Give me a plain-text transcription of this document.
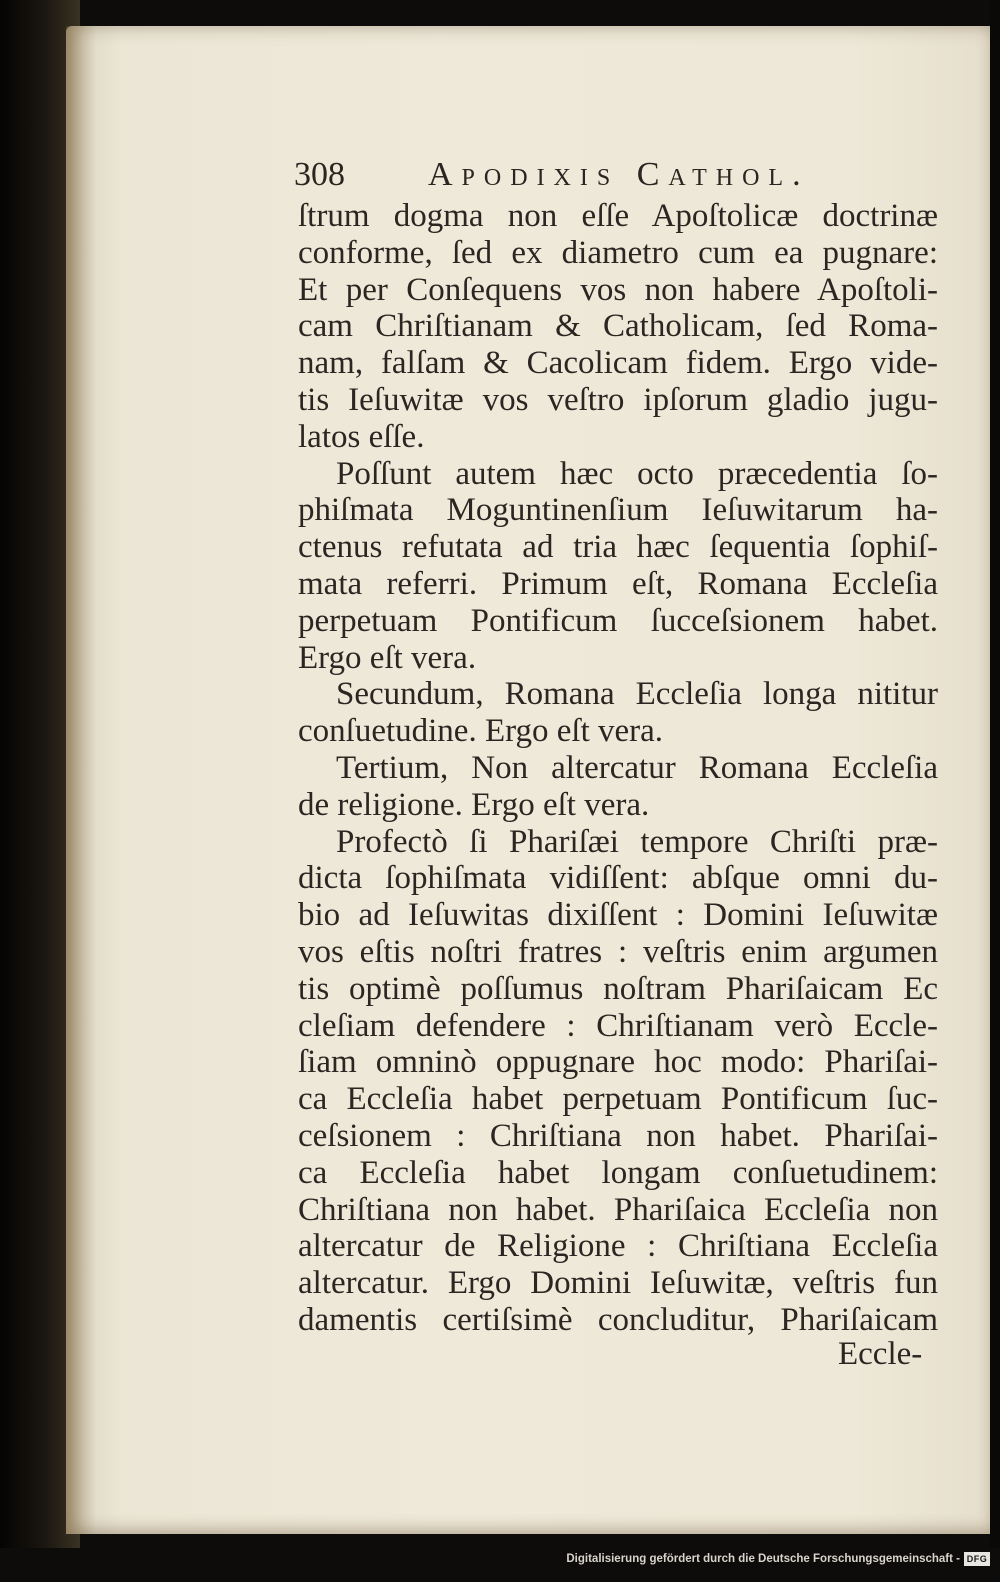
308 Apodixis Cathol.
ſtrum dogma non eſſe Apoſtolicæ doctrinæ
conforme, ſed ex diametro cum ea pugnare:
Et per Conſequens vos non habere Apoſtoli-
cam Chriſtianam & Catholicam, ſed Roma-
nam, falſam & Cacolicam fidem. Ergo vide-
tis Ieſuwitæ vos veſtro ipſorum gladio jugu-
latos eſſe.
Poſſunt autem hæc octo præcedentia ſo-
phiſmata Moguntinenſium Ieſuwitarum ha-
ctenus refutata ad tria hæc ſequentia ſophiſ-
mata referri. Primum eſt, Romana Eccleſia
perpetuam Pontificum ſucceſsionem habet.
Ergo eſt vera.
Secundum, Romana Eccleſia longa nititur
conſuetudine. Ergo eſt vera.
Tertium, Non altercatur Romana Eccleſia
de religione. Ergo eſt vera.
Profectò ſi Phariſæi tempore Chriſti præ-
dicta ſophiſmata vidiſſent: abſque omni du-
bio ad Ieſuwitas dixiſſent : Domini Ieſuwitæ
vos eſtis noſtri fratres : veſtris enim argumen
tis optimè poſſumus noſtram Phariſaicam Ec
cleſiam defendere : Chriſtianam verò Eccle-
ſiam omninò oppugnare hoc modo: Phariſai-
ca Eccleſia habet perpetuam Pontificum ſuc-
ceſsionem : Chriſtiana non habet. Phariſai-
ca Eccleſia habet longam conſuetudinem:
Chriſtiana non habet. Phariſaica Eccleſia non
altercatur de Religione : Chriſtiana Eccleſia
altercatur. Ergo Domini Ieſuwitæ, veſtris fun
damentis certiſsimè concluditur, Phariſaicam
Eccle-
Digitalisierung gefördert durch die Deutsche Forschungsgemeinschaft - DFG
